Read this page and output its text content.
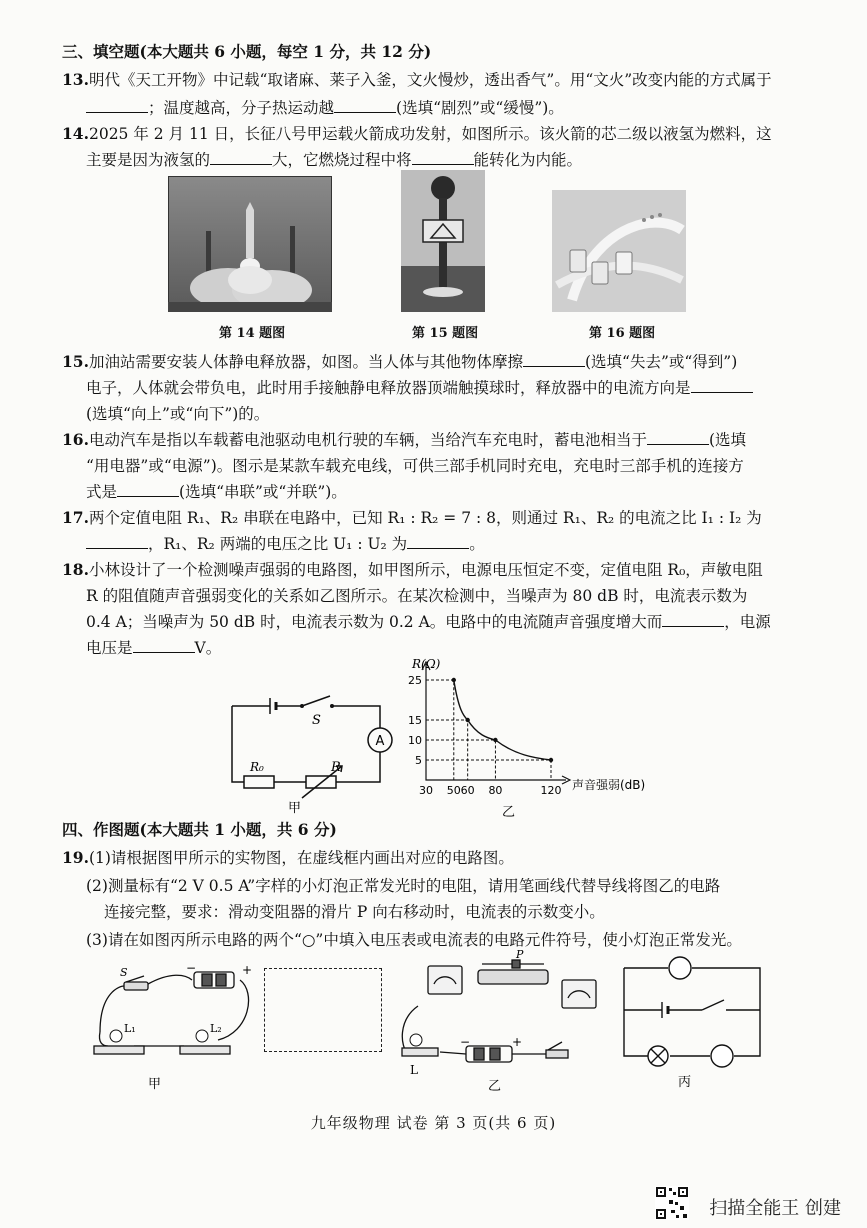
三、填空题(本大题共 6 小题，每空 1 分，共 12 分)
13.明代《天工开物》中记载“取诸麻、莱子入釜，文火慢炒，透出香气”。用“文火”改变内能的方式属于
；温度越高，分子热运动越	(选填“剧烈”或“缓慢”)。
14.2025 年 2 月 11 日，长征八号甲运载火箭成功发射，如图所示。该火箭的芯二级以液氢为燃料，这
主要是因为液氢的	大，它燃烧过程中将	能转化为内能。
第 14 题图	第 15 题图	第 16 题图
15.加油站需要安装人体静电释放器，如图。当人体与其他物体摩擦	(选填“失去”或“得到”)
电子，人体就会带负电，此时用手接触静电释放器顶端触摸球时，释放器中的电流方向是
(选填“向上”或“向下”)的。
16.电动汽车是指以车载蓄电池驱动电机行驶的车辆，当给汽车充电时，蓄电池相当于	(选填
“用电器”或“电源”)。图示是某款车载充电线，可供三部手机同时充电，充电时三部手机的连接方
式是	(选填“串联”或“并联”)。
17.两个定值电阻 R₁、R₂ 串联在电路中，已知 R₁ : R₂ = 7 : 8，则通过 R₁、R₂ 的电流之比 I₁ : I₂ 为
，R₁、R₂ 两端的电压之比 U₁ : U₂ 为	。
18.小林设计了一个检测噪声强弱的电路图，如甲图所示，电源电压恒定不变，定值电阻 R₀，声敏电阻
R 的阻值随声音强弱变化的关系如乙图所示。在某次检测中，当噪声为 80 dB 时，电流表示数为
0.4 A；当噪声为 50 dB 时，电流表示数为 0.2 A。电路中的电流随声音强度增大而	，电源
电压是	V。
S
A
R₀	R
甲
30 50 60 80	120
5
10
15
25
R(Ω)
声音强弱(dB)
乙
四、作图题(本大题共 1 小题，共 6 分)
19.(1)请根据图甲所示的实物图，在虚线框内画出对应的电路图。
(2)测量标有“2 V 0.5 A”字样的小灯泡正常发光时的电阻，请用笔画线代替导线将图乙的电路
连接完整，要求：滑动变阻器的滑片 P 向右移动时，电流表的示数变小。
(3)请在如图丙所示电路的两个“○”中填入电压表或电流表的电路元件符号，使小灯泡正常发光。
S
L₁	L₂
−	+
甲
P
L
−	+
乙	丙
九年级物理 试卷 第 3 页(共 6 页)
扫描全能王 创建
